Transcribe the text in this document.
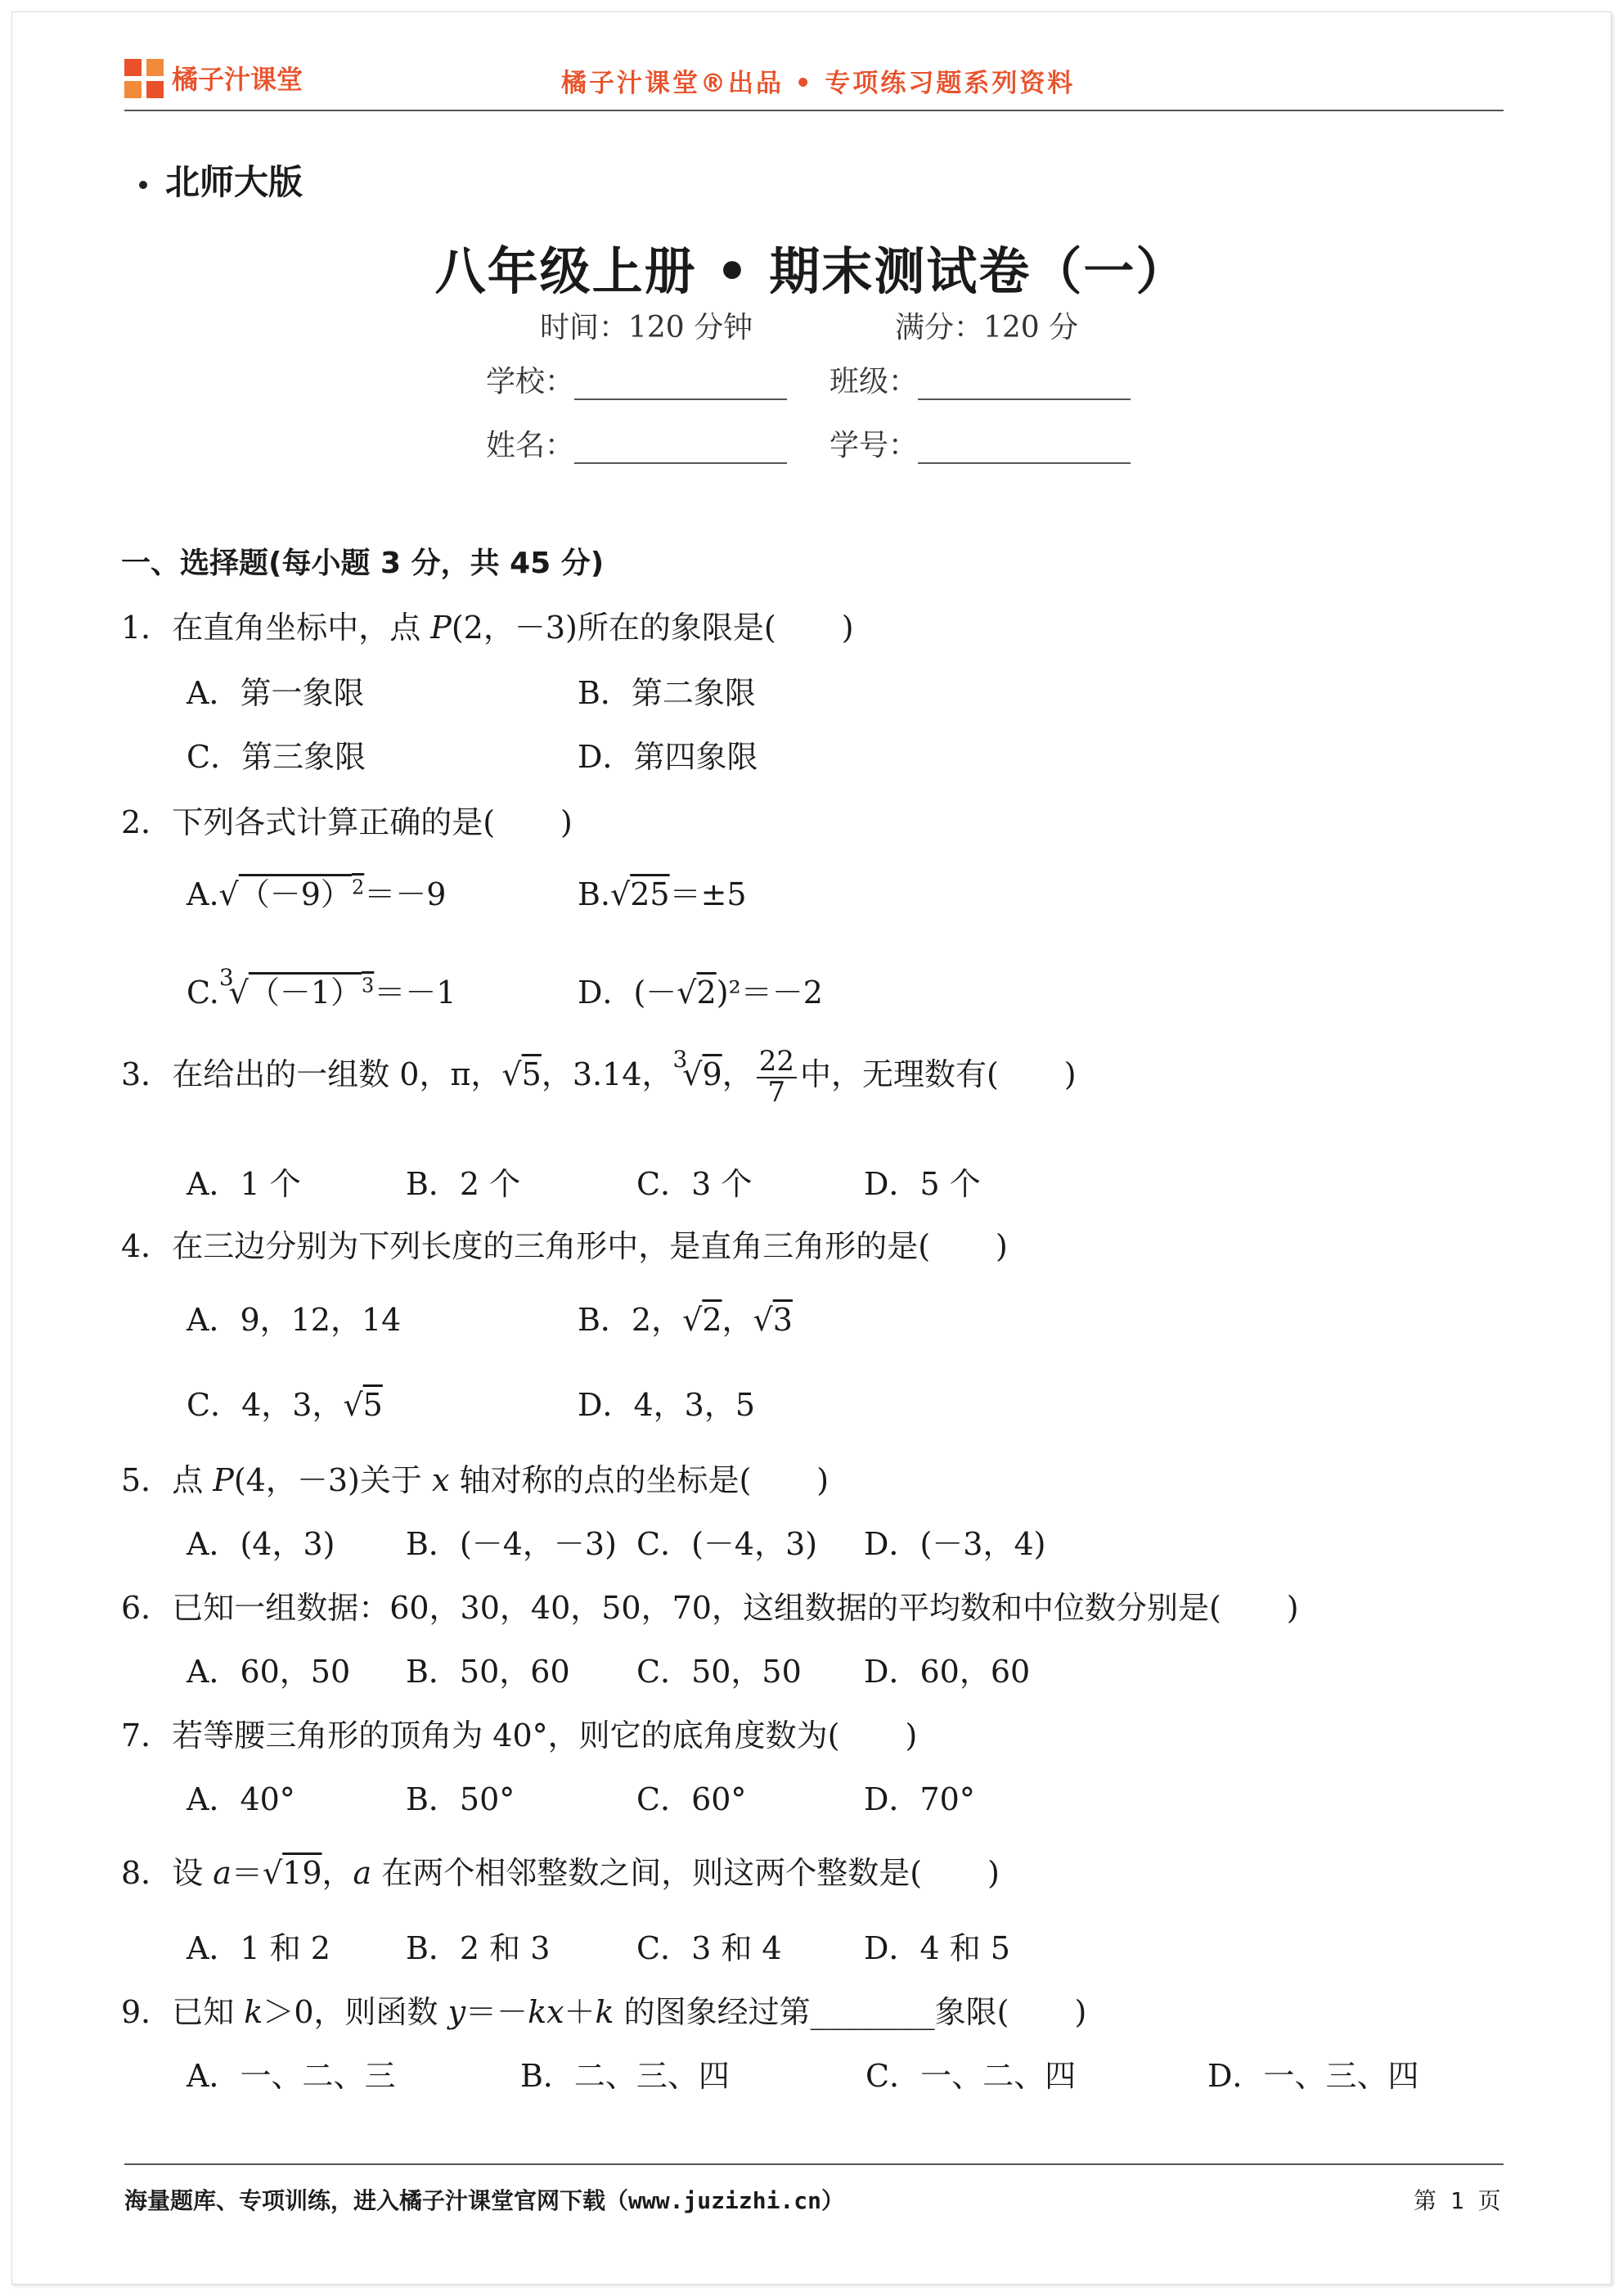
橘子汁课堂	橘子汁课堂®出品 • 专项练习题系列资料
北师大版
八年级上册 • 期末测试卷（一）
时间：120 分钟	满分：120 分
学校：	班级：
姓名：	学号：
一、选择题(每小题 3 分，共 45 分)
1．在直角坐标中，点 P(2，－3)所在的象限是( )
A．第一象限	B．第二象限
C．第三象限	D．第四象限
2．下列各式计算正确的是( )
$A.√(-9)^2=-9$	B.√25＝±5
$C.^3√(-1)^3=-1$	D．(－√2)²＝－2
3．在给出的一组数 0，π，√5，3.14，$^3$√9， $\frac{22}{7}$ 中，无理数有( )
A．1 个	B．2 个	C．3 个	D．5 个
4．在三边分别为下列长度的三角形中，是直角三角形的是( )
A．9，12，14	B．2，√2，√3
C．4，3，√5	D．4，3，5
5．点 P(4，－3)关于 x 轴对称的点的坐标是( )
A．(4，3) B．(－4，－3) C．(－4，3) D．(－3，4)
6．已知一组数据：60，30，40，50，70，这组数据的平均数和中位数分别是( )
A．60，50 B．50，60 C．50，50 D．60，60
7．若等腰三角形的顶角为 40°，则它的底角度数为( )
A．40°	B．50°	C．60°	D．70°
8．设 a＝√19，a 在两个相邻整数之间，则这两个整数是( )
A．1 和 2 B．2 和 3	C．3 和 4	D．4 和 5
9．已知 k＞0，则函数 y＝－kx＋k 的图象经过第________象限( )
A．一、二、三	B．二、三、四	C．一、二、四	D．一、三、四
海量题库、专项训练，进入橘子汁课堂官网下载（www.juzizhi.cn）	第 1 页
